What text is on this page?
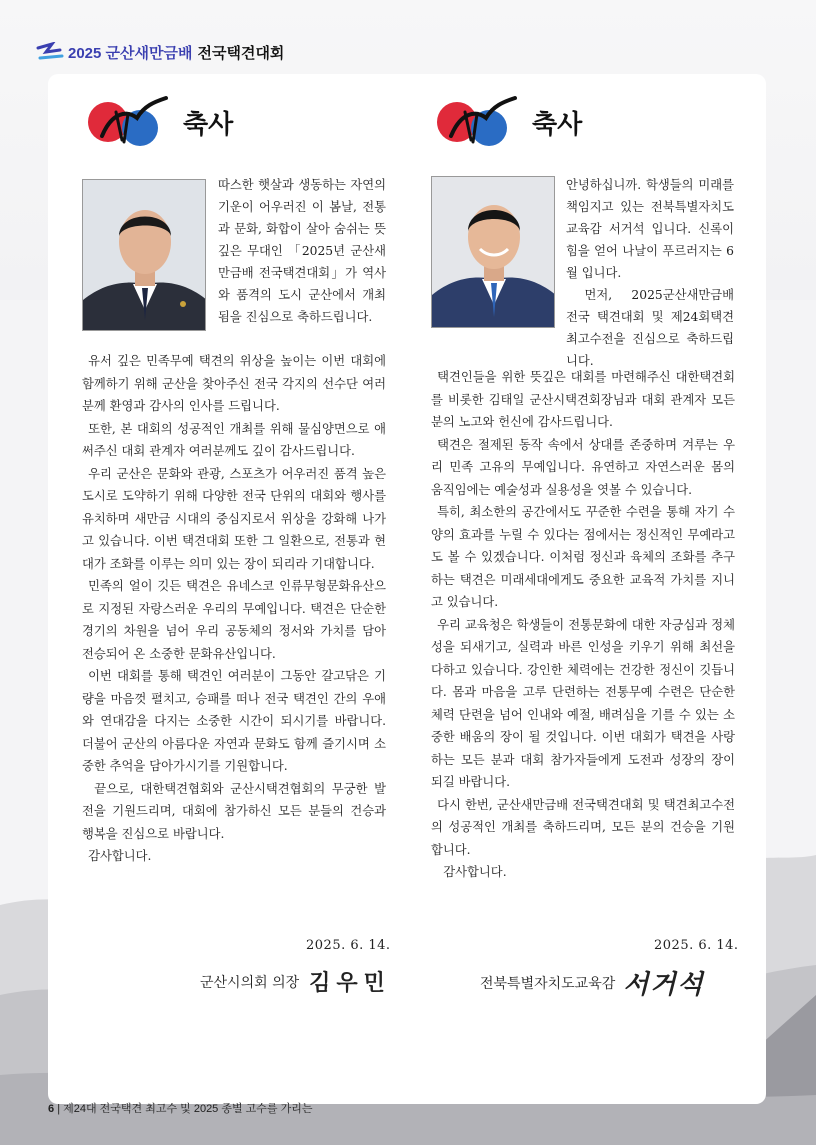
2025 군산새만금배 전국택견대회
축사
따스한 햇살과 생동하는 자연의 기운이 어우러진 이 봄날, 전통과 문화, 화합이 살아 숨쉬는 뜻깊은 무대인 「2025년 군산새만금배 전국택견대회」가 역사와 품격의 도시 군산에서 개최됨을 진심으로 축하드립니다.

유서 깊은 민족무예 택견의 위상을 높이는 이번 대회에 함께하기 위해 군산을 찾아주신 전국 각지의 선수단 여러분께 환영과 감사의 인사를 드립니다.

또한, 본 대회의 성공적인 개최를 위해 물심양면으로 애써주신 대회 관계자 여러분께도 깊이 감사드립니다.

우리 군산은 문화와 관광, 스포츠가 어우러진 품격 높은 도시로 도약하기 위해 다양한 전국 단위의 대회와 행사를 유치하며 새만금 시대의 중심지로서 위상을 강화해 나가고 있습니다. 이번 택견대회 또한 그 일환으로, 전통과 현대가 조화를 이루는 의미 있는 장이 되리라 기대합니다.

민족의 얼이 깃든 택견은 유네스코 인류무형문화유산으로 지정된 자랑스러운 우리의 무예입니다. 택견은 단순한 경기의 차원을 넘어 우리 공동체의 정서와 가치를 담아 전승되어 온 소중한 문화유산입니다.

이번 대회를 통해 택견인 여러분이 그동안 갈고닦은 기량을 마음껏 펼치고, 승패를 떠나 전국 택견인 간의 우애와 연대감을 다지는 소중한 시간이 되시기를 바랍니다. 더불어 군산의 아름다운 자연과 문화도 함께 즐기시며 소중한 추억을 담아가시기를 기원합니다.

끝으로, 대한택견협회와 군산시택견협회의 무궁한 발전을 기원드리며, 대회에 참가하신 모든 분들의 건승과 행복을 진심으로 바랍니다.

감사합니다.

2025. 6. 14.
군산시의회 의장 김우민
축사
안녕하십니까. 학생들의 미래를 책임지고 있는 전북특별자치도교육감 서거석 입니다. 신록이 힘을 얻어 나날이 푸르러지는 6월 입니다.
먼저, 2025군산새만금배 전국 택견대회 및 제24회택견 최고수전을 진심으로 축하드립니다.

택견인들을 위한 뜻깊은 대회를 마련해주신 대한택견회를 비롯한 김태일 군산시택견회장님과 대회 관계자 모든 분의 노고와 헌신에 감사드립니다.

택견은 절제된 동작 속에서 상대를 존중하며 겨루는 우리 민족 고유의 무예입니다. 유연하고 자연스러운 몸의 움직임에는 예술성과 실용성을 엿볼 수 있습니다.

특히, 최소한의 공간에서도 꾸준한 수련을 통해 자기 수양의 효과를 누릴 수 있다는 점에서는 정신적인 무예라고도 볼 수 있겠습니다. 이처럼 정신과 육체의 조화를 추구하는 택견은 미래세대에게도 중요한 교육적 가치를 지니고 있습니다.

우리 교육청은 학생들이 전통문화에 대한 자긍심과 정체성을 되새기고, 실력과 바른 인성을 키우기 위해 최선을 다하고 있습니다. 강인한 체력에는 건강한 정신이 깃듭니다. 몸과 마음을 고루 단련하는 전통무예 수련은 단순한 체력 단련을 넘어 인내와 예절, 배려심을 기를 수 있는 소중한 배움의 장이 될 것입니다. 이번 대회가 택견을 사랑하는 모든 분과 대회 참가자들에게 도전과 성장의 장이 되길 바랍니다.

다시 한번, 군산새만금배 전국택견대회 및 택견최고수전의 성공적인 개최를 축하드리며, 모든 분의 건승을 기원합니다.

감사합니다.

2025. 6. 14.
전북특별자치도교육감 서거석
6 | 제24대 전국택견 최고수 및 2025 종별 고수를 가리는
